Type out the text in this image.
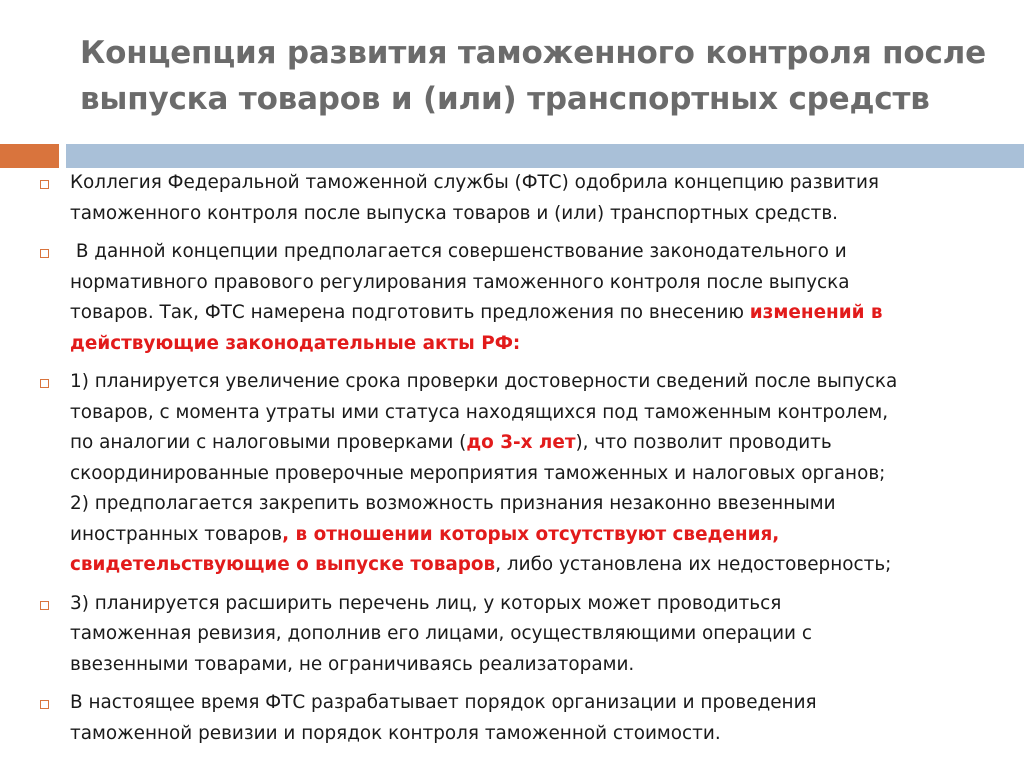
Концепция развития таможенного контроля после
выпуска товаров и (или) транспортных средств
Коллегия Федеральной таможенной службы (ФТС) одобрила концепцию развития
таможенного контроля после выпуска товаров и (или) транспортных средств.
В данной концепции предполагается совершенствование законодательного и
нормативного правового регулирования таможенного контроля после выпуска
товаров. Так, ФТС намерена подготовить предложения по внесению изменений в
действующие законодательные акты РФ:
1) планируется увеличение срока проверки достоверности сведений после выпуска
товаров, с момента утраты ими статуса находящихся под таможенным контролем,
по аналогии с налоговыми проверками (до 3-х лет), что позволит проводить
скоординированные проверочные мероприятия таможенных и налоговых органов;
2) предполагается закрепить возможность признания незаконно ввезенными
иностранных товаров, в отношении которых отсутствуют сведения,
свидетельствующие о выпуске товаров, либо установлена их недостоверность;
3) планируется расширить перечень лиц, у которых может проводиться
таможенная ревизия, дополнив его лицами, осуществляющими операции с
ввезенными товарами, не ограничиваясь реализаторами.
В настоящее время ФТС разрабатывает порядок организации и проведения
таможенной ревизии и порядок контроля таможенной стоимости.
